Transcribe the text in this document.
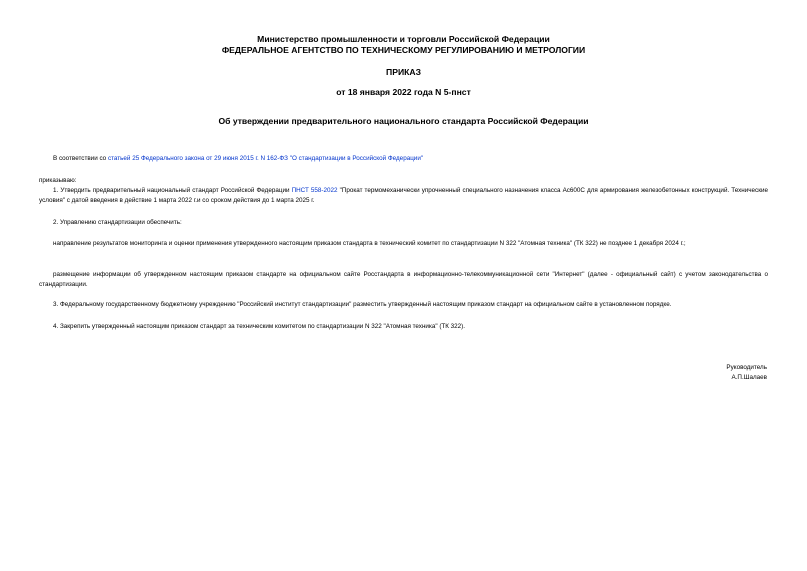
Министерство промышленности и торговли Российской Федерации
ФЕДЕРАЛЬНОЕ АГЕНТСТВО ПО ТЕХНИЧЕСКОМУ РЕГУЛИРОВАНИЮ И МЕТРОЛОГИИ
ПРИКАЗ
от 18 января 2022 года N 5-пнст
Об утверждении предварительного национального стандарта Российской Федерации
В соответствии со статьей 25 Федерального закона от 29 июня 2015 г. N 162-ФЗ "О стандартизации в Российской Федерации"
приказываю:
1. Утвердить предварительный национальный стандарт Российской Федерации ПНСТ 558-2022 "Прокат термомеханически упрочненный специального назначения класса Ас600С для армирования железобетонных конструкций. Технические условия" с датой введения в действие 1 марта 2022 г.и со сроком действия до 1 марта 2025 г.
2. Управлению стандартизации обеспечить:
направление результатов мониторинга и оценки применения утвержденного настоящим приказом стандарта в технический комитет по стандартизации N 322 "Атомная техника" (ТК 322) не позднее 1 декабря 2024 г.;
размещение информации об утвержденном настоящим приказом стандарте на официальном сайте Росстандарта в информационно-телекоммуникационной сети "Интернет" (далее - официальный сайт) с учетом законодательства о стандартизации.
3. Федеральному государственному бюджетному учреждению "Российский институт стандартизации" разместить утвержденный настоящим приказом стандарт на официальном сайте в установленном порядке.
4. Закрепить утвержденный настоящим приказом стандарт за техническим комитетом по стандартизации N 322 "Атомная техника" (ТК 322).
Руководитель
А.П.Шалаев
